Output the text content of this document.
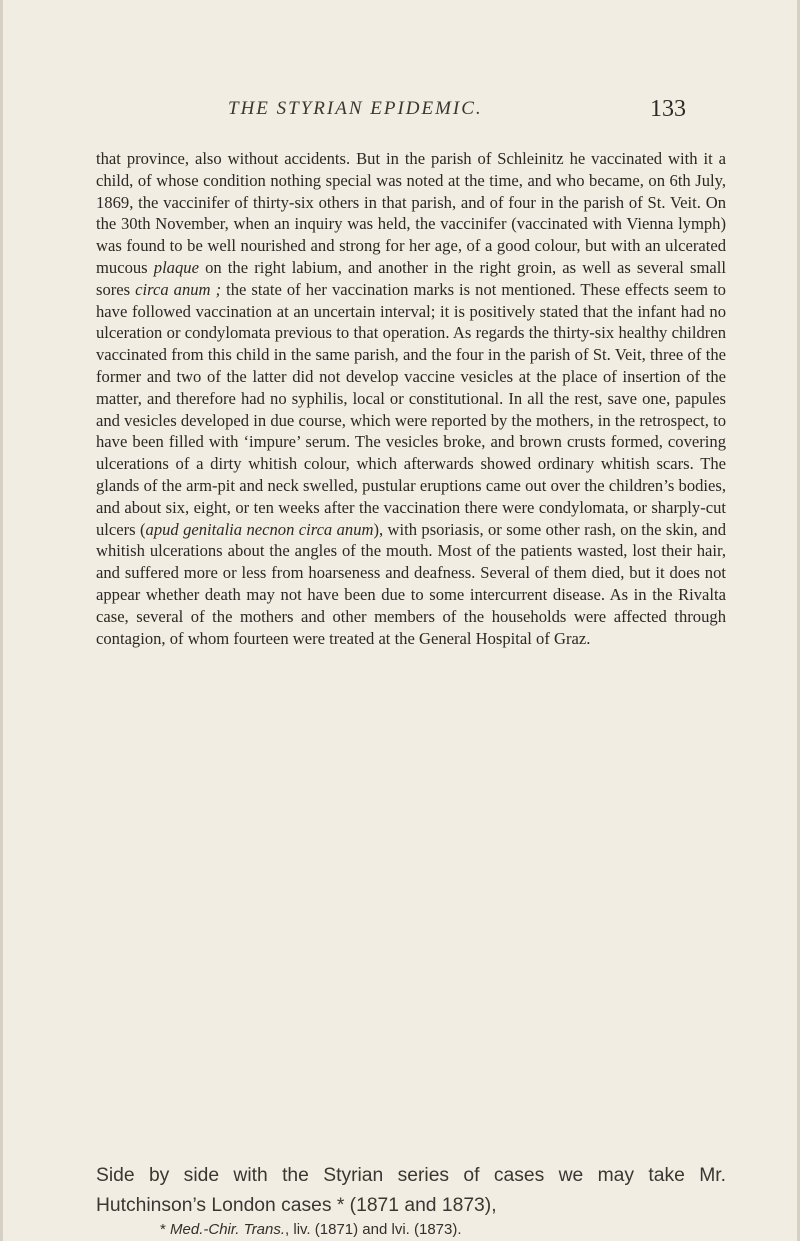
THE STYRIAN EPIDEMIC.	133

that province, also without accidents. But in the parish of Schleinitz he vaccinated with it a child, of whose condition nothing special was noted at the time, and who became, on 6th July, 1869, the vaccinifer of thirty-six others in that parish, and of four in the parish of St. Veit. On the 30th November, when an inquiry was held, the vaccinifer (vaccinated with Vienna lymph) was found to be well nourished and strong for her age, of a good colour, but with an ulcerated mucous plaque on the right labium, and another in the right groin, as well as several small sores circa anum ; the state of her vaccination marks is not mentioned. These effects seem to have followed vaccination at an uncertain interval; it is positively stated that the infant had no ulceration or condylomata previous to that operation. As regards the thirty-six healthy children vaccinated from this child in the same parish, and the four in the parish of St. Veit, three of the former and two of the latter did not develop vaccine vesicles at the place of insertion of the matter, and therefore had no syphilis, local or constitutional. In all the rest, save one, papules and vesicles developed in due course, which were reported by the mothers, in the retrospect, to have been filled with ‘impure’ serum. The vesicles broke, and brown crusts formed, covering ulcerations of a dirty whitish colour, which afterwards showed ordinary whitish scars. The glands of the arm-pit and neck swelled, pustular eruptions came out over the children’s bodies, and about six, eight, or ten weeks after the vaccination there were condylomata, or sharply-cut ulcers (apud genitalia necnon circa anum), with psoriasis, or some other rash, on the skin, and whitish ulcerations about the angles of the mouth. Most of the patients wasted, lost their hair, and suffered more or less from hoarseness and deafness. Several of them died, but it does not appear whether death may not have been due to some intercurrent disease. As in the Rivalta case, several of the mothers and other members of the households were affected through contagion, of whom fourteen were treated at the General Hospital of Graz.

Side by side with the Styrian series of cases we may take Mr. Hutchinson’s London cases * (1871 and 1873),

* Med.-Chir. Trans., liv. (1871) and lvi. (1873).
